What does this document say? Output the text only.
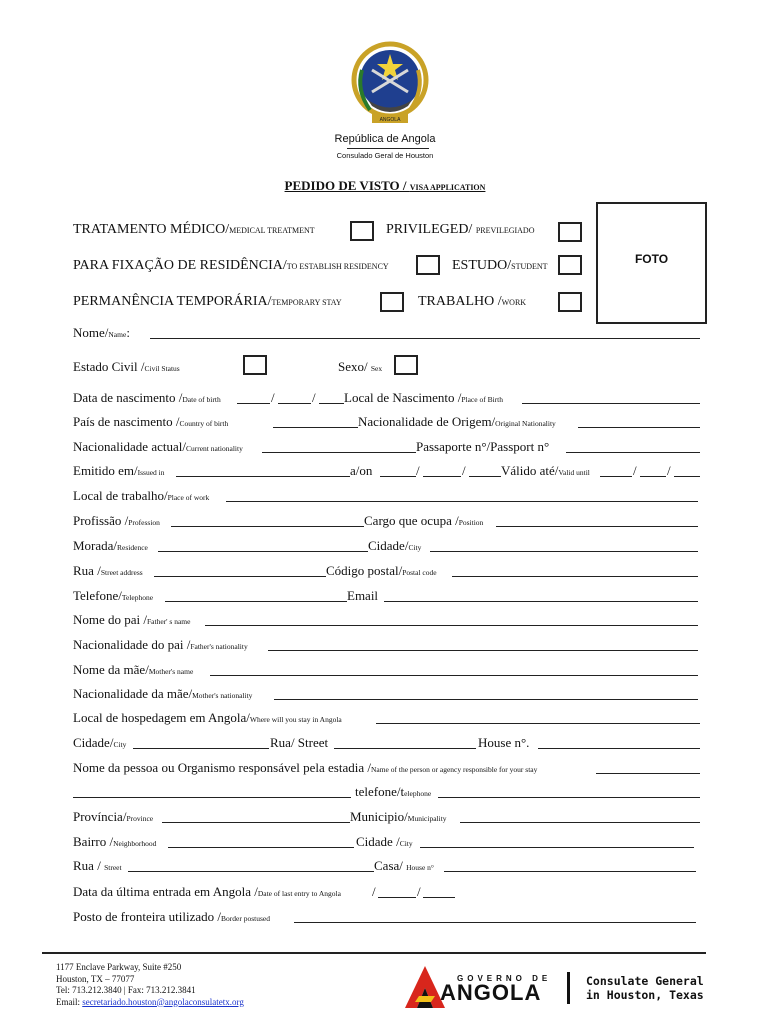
ANGOLA
República de Angola
Consulado Geral de Houston
PEDIDO DE VISTO / VISA APPLICATION
TRATAMENTO MÉDICO/MEDICAL TREATMENT	PRIVILEGED/ PREVILEGIADO
PARA FIXAÇÃO DE RESIDÊNCIA/TO ESTABLISH RESIDENCY	ESTUDO/STUDENT
PERMANÊNCIA TEMPORÁRIA/TEMPORARY STAY	TRABALHO /WORK
FOTO
Nome/Name:
Estado Civil /Civil Status	Sexo/ Sex
Data de nascimento /Date of birth	/	/ Local de Nascimento /Place of Birth
País de nascimento /Country of birth	Nacionalidade de Origem/Original Nationality
Nacionalidade actual/Current nationality	Passaporte n°/Passport n°
Emitido em/Issued in	a/on	/	/	Válido até/Valid until	/ /
Local de trabalho/Place of work
Profissão /Profession	Cargo que ocupa /Position
Morada/Residence	Cidade/City
Rua /Street address	Código postal/Postal code
Telefone/Telephone	Email
Nome do pai /Father' s name
Nacionalidade do pai /Father's nationality
Nome da mãe/Mother's name
Nacionalidade da mãe/Mother's nationality
Local de hospedagem em Angola/Where will you stay in Angola
Cidade/City	Rua/ Street	House n°.
Nome da pessoa ou Organismo responsável pela estadia /Name of the person or agency responsible for your stay
telefone/telephone
Província/Province	Municipio/Municipality
Bairro /Neighborhood	Cidade /City
Rua / Street	Casa/ House n°
Data da última entrada em Angola /Date of last entry to Angola /	/
Posto de fronteira utilizado /Border postused
1177 Enclave Parkway, Suite #250
Houston, TX – 77077
Tel: 713.212.3840 | Fax: 713.212.3841
Email: secretariado.houston@angolaconsulatetx.org
GOVERNO DE
ANGOLA	Consulate General
in Houston, Texas
